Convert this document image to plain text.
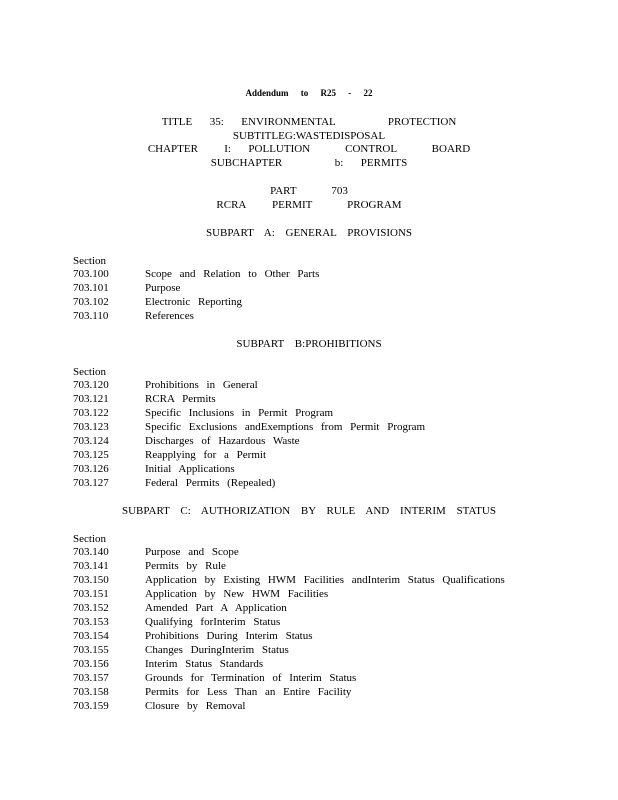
Addendum to R25 - 22
TITLE  35:  ENVIRONMENTAL      PROTECTION
SUBTITLEG:WASTEDISPOSAL
CHAPTER   I:  POLLUTION    CONTROL    BOARD
SUBCHAPTER      b:  PERMITS
PART    703
RCRA   PERMIT    PROGRAM
SUBPART A: GENERAL PROVISIONS
Section
703.100	Scope and Relation to Other Parts
703.101	Purpose
703.102	Electronic Reporting
703.110	References
SUBPART B:PROHIBITIONS
Section
703.120	Prohibitions in General
703.121	RCRA Permits
703.122	Specific Inclusions in Permit Program
703.123	Specific Exclusions andExemptions from Permit Program
703.124	Discharges of Hazardous Waste
703.125	Reapplying for a Permit
703.126	Initial Applications
703.127	Federal Permits (Repealed)
SUBPART C: AUTHORIZATION BY RULE AND INTERIM STATUS
Section
703.140	Purpose and Scope
703.141	Permits by Rule
703.150	Application by Existing HWM Facilities andInterim Status Qualifications
703.151	Application by New HWM Facilities
703.152	Amended Part A Application
703.153	Qualifying forInterim Status
703.154	Prohibitions During Interim Status
703.155	Changes DuringInterim Status
703.156	Interim Status Standards
703.157	Grounds for Termination of Interim Status
703.158	Permits for Less Than an Entire Facility
703.159	Closure by Removal
